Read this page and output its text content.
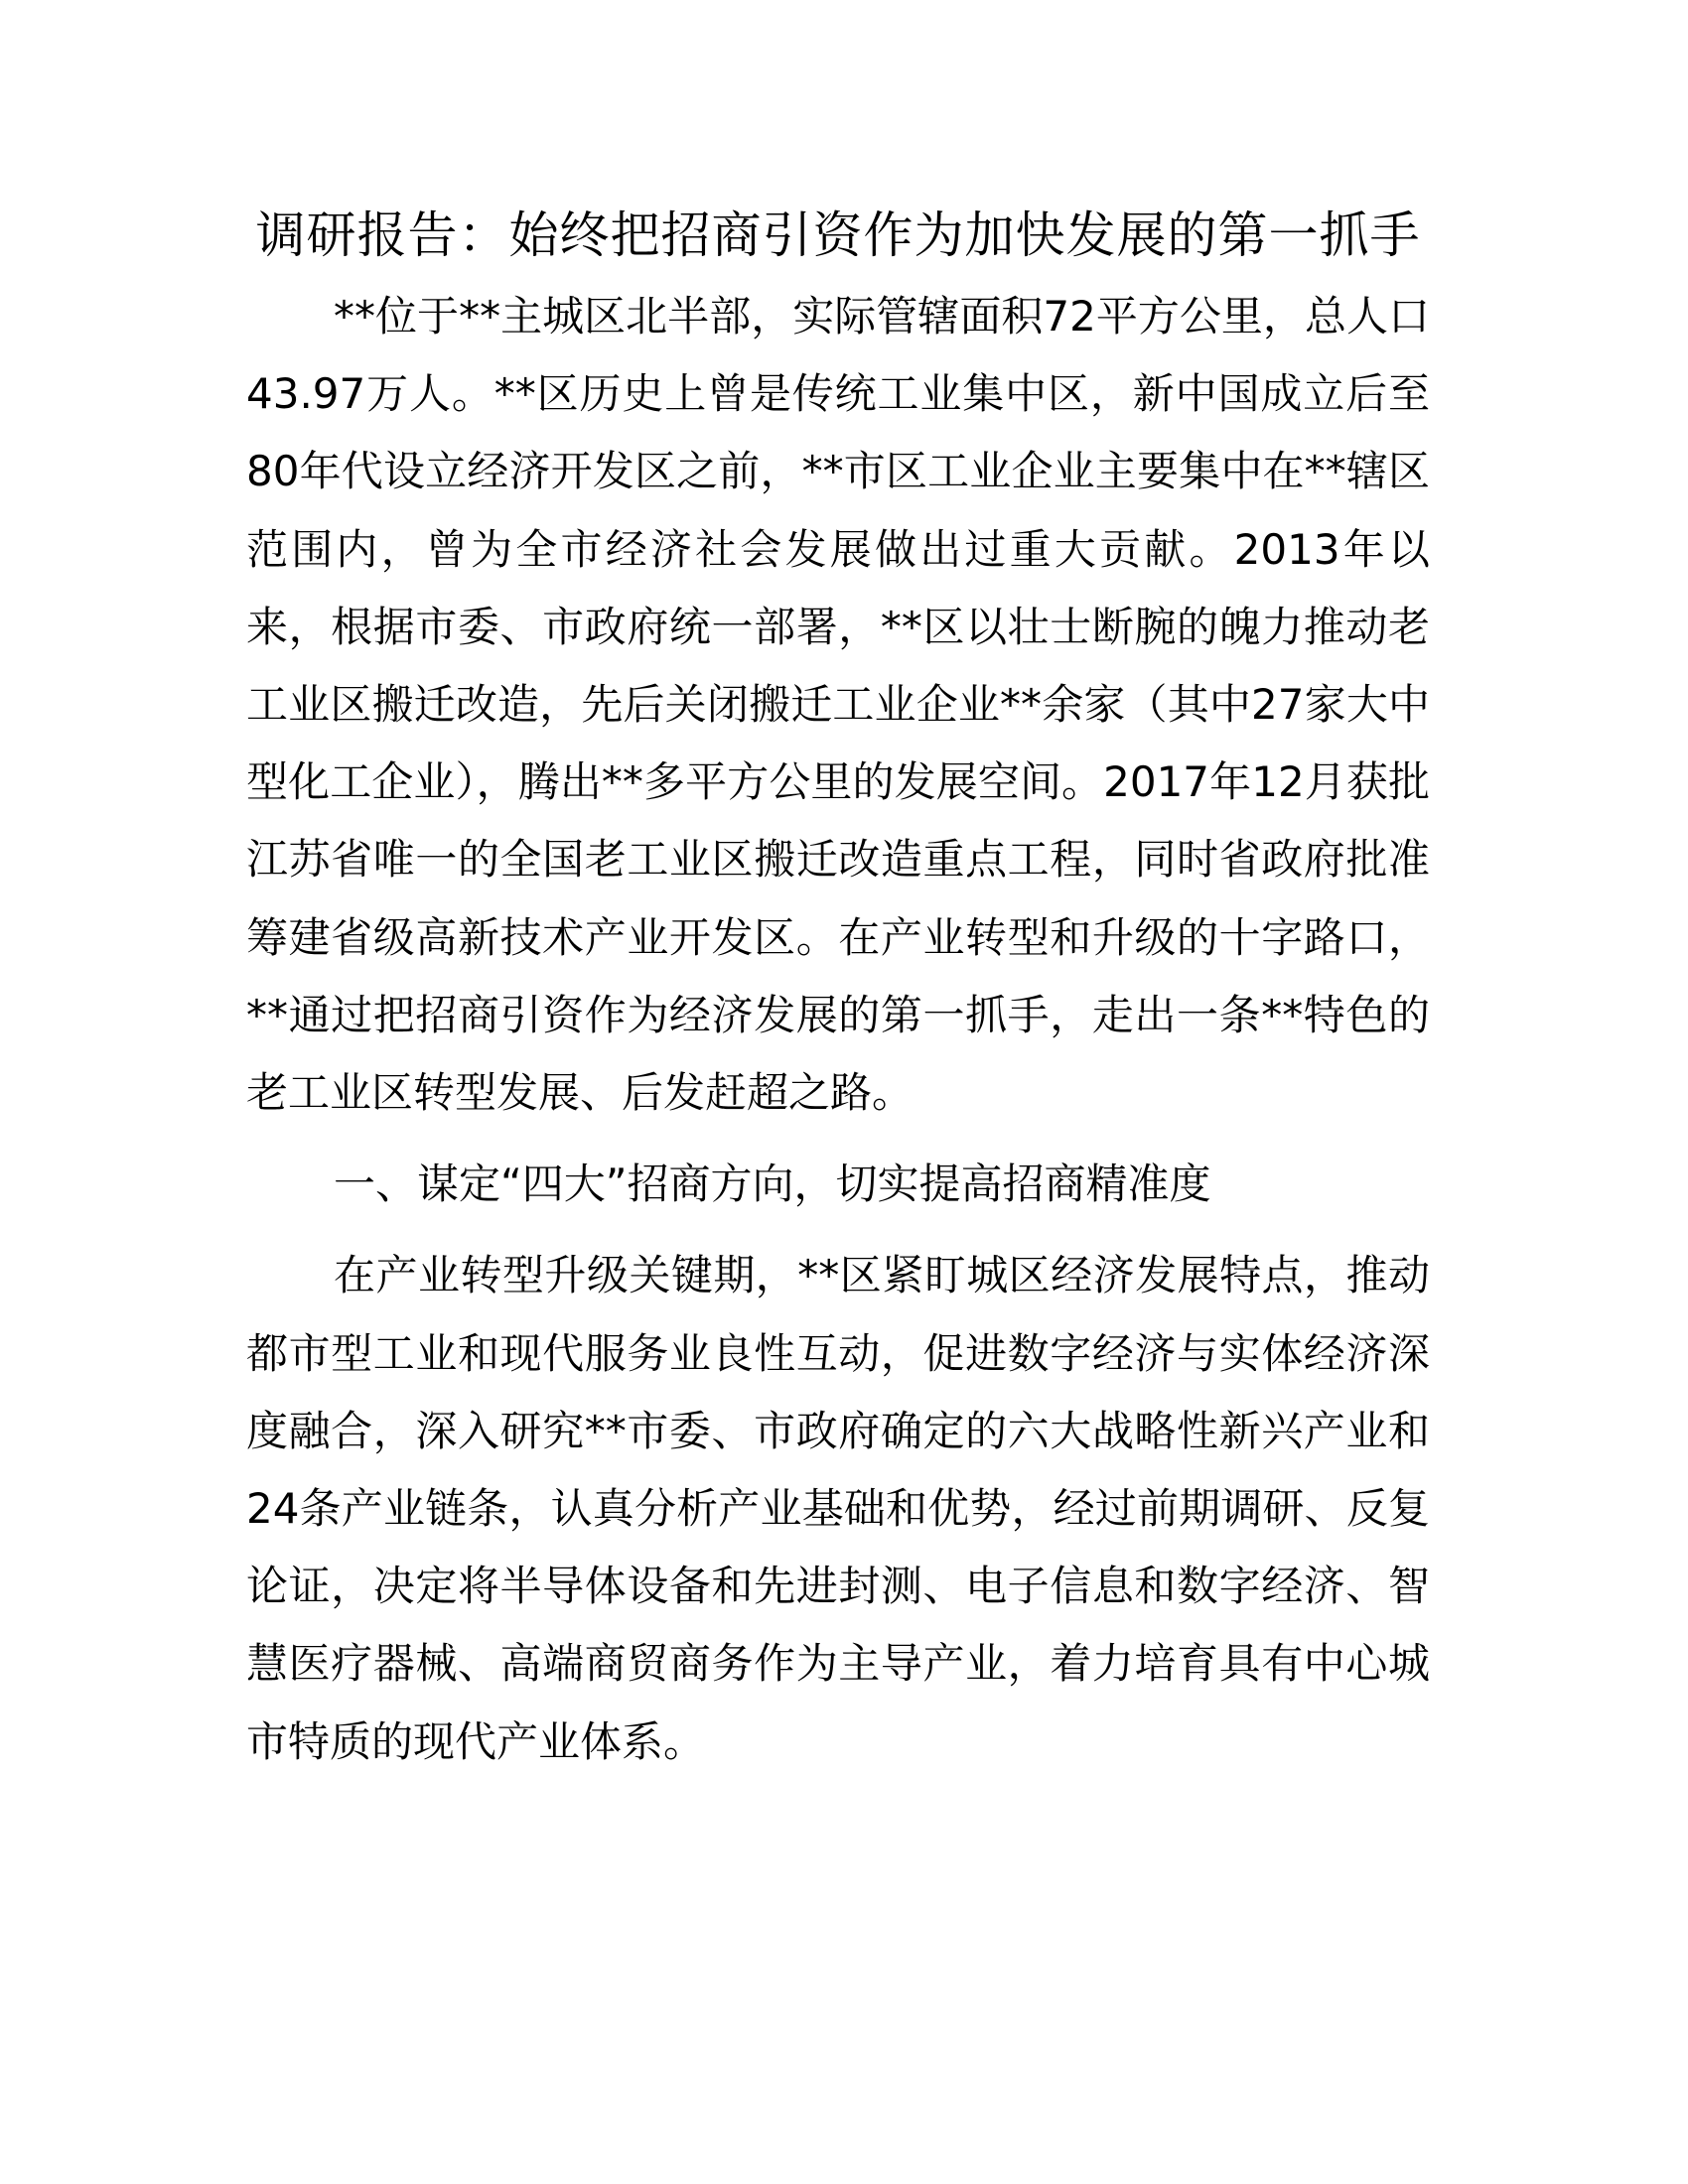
调研报告：始终把招商引资作为加快发展的第一抓手

**位于**主城区北半部，实际管辖面积72平方公里，总人口43.97万人。**区历史上曾是传统工业集中区，新中国成立后至80年代设立经济开发区之前，**市区工业企业主要集中在**辖区范围内，曾为全市经济社会发展做出过重大贡献。2013年以来，根据市委、市政府统一部署，**区以壮士断腕的魄力推动老工业区搬迁改造，先后关闭搬迁工业企业**余家（其中27家大中型化工企业），腾出**多平方公里的发展空间。2017年12月获批江苏省唯一的全国老工业区搬迁改造重点工程，同时省政府批准筹建省级高新技术产业开发区。在产业转型和升级的十字路口，**通过把招商引资作为经济发展的第一抓手，走出一条**特色的老工业区转型发展、后发赶超之路。

一、谋定“四大”招商方向，切实提高招商精准度

在产业转型升级关键期，**区紧盯城区经济发展特点，推动都市型工业和现代服务业良性互动，促进数字经济与实体经济深度融合，深入研究**市委、市政府确定的六大战略性新兴产业和24条产业链条，认真分析产业基础和优势，经过前期调研、反复论证，决定将半导体设备和先进封测、电子信息和数字经济、智慧医疗器械、高端商贸商务作为主导产业，着力培育具有中心城市特质的现代产业体系。
